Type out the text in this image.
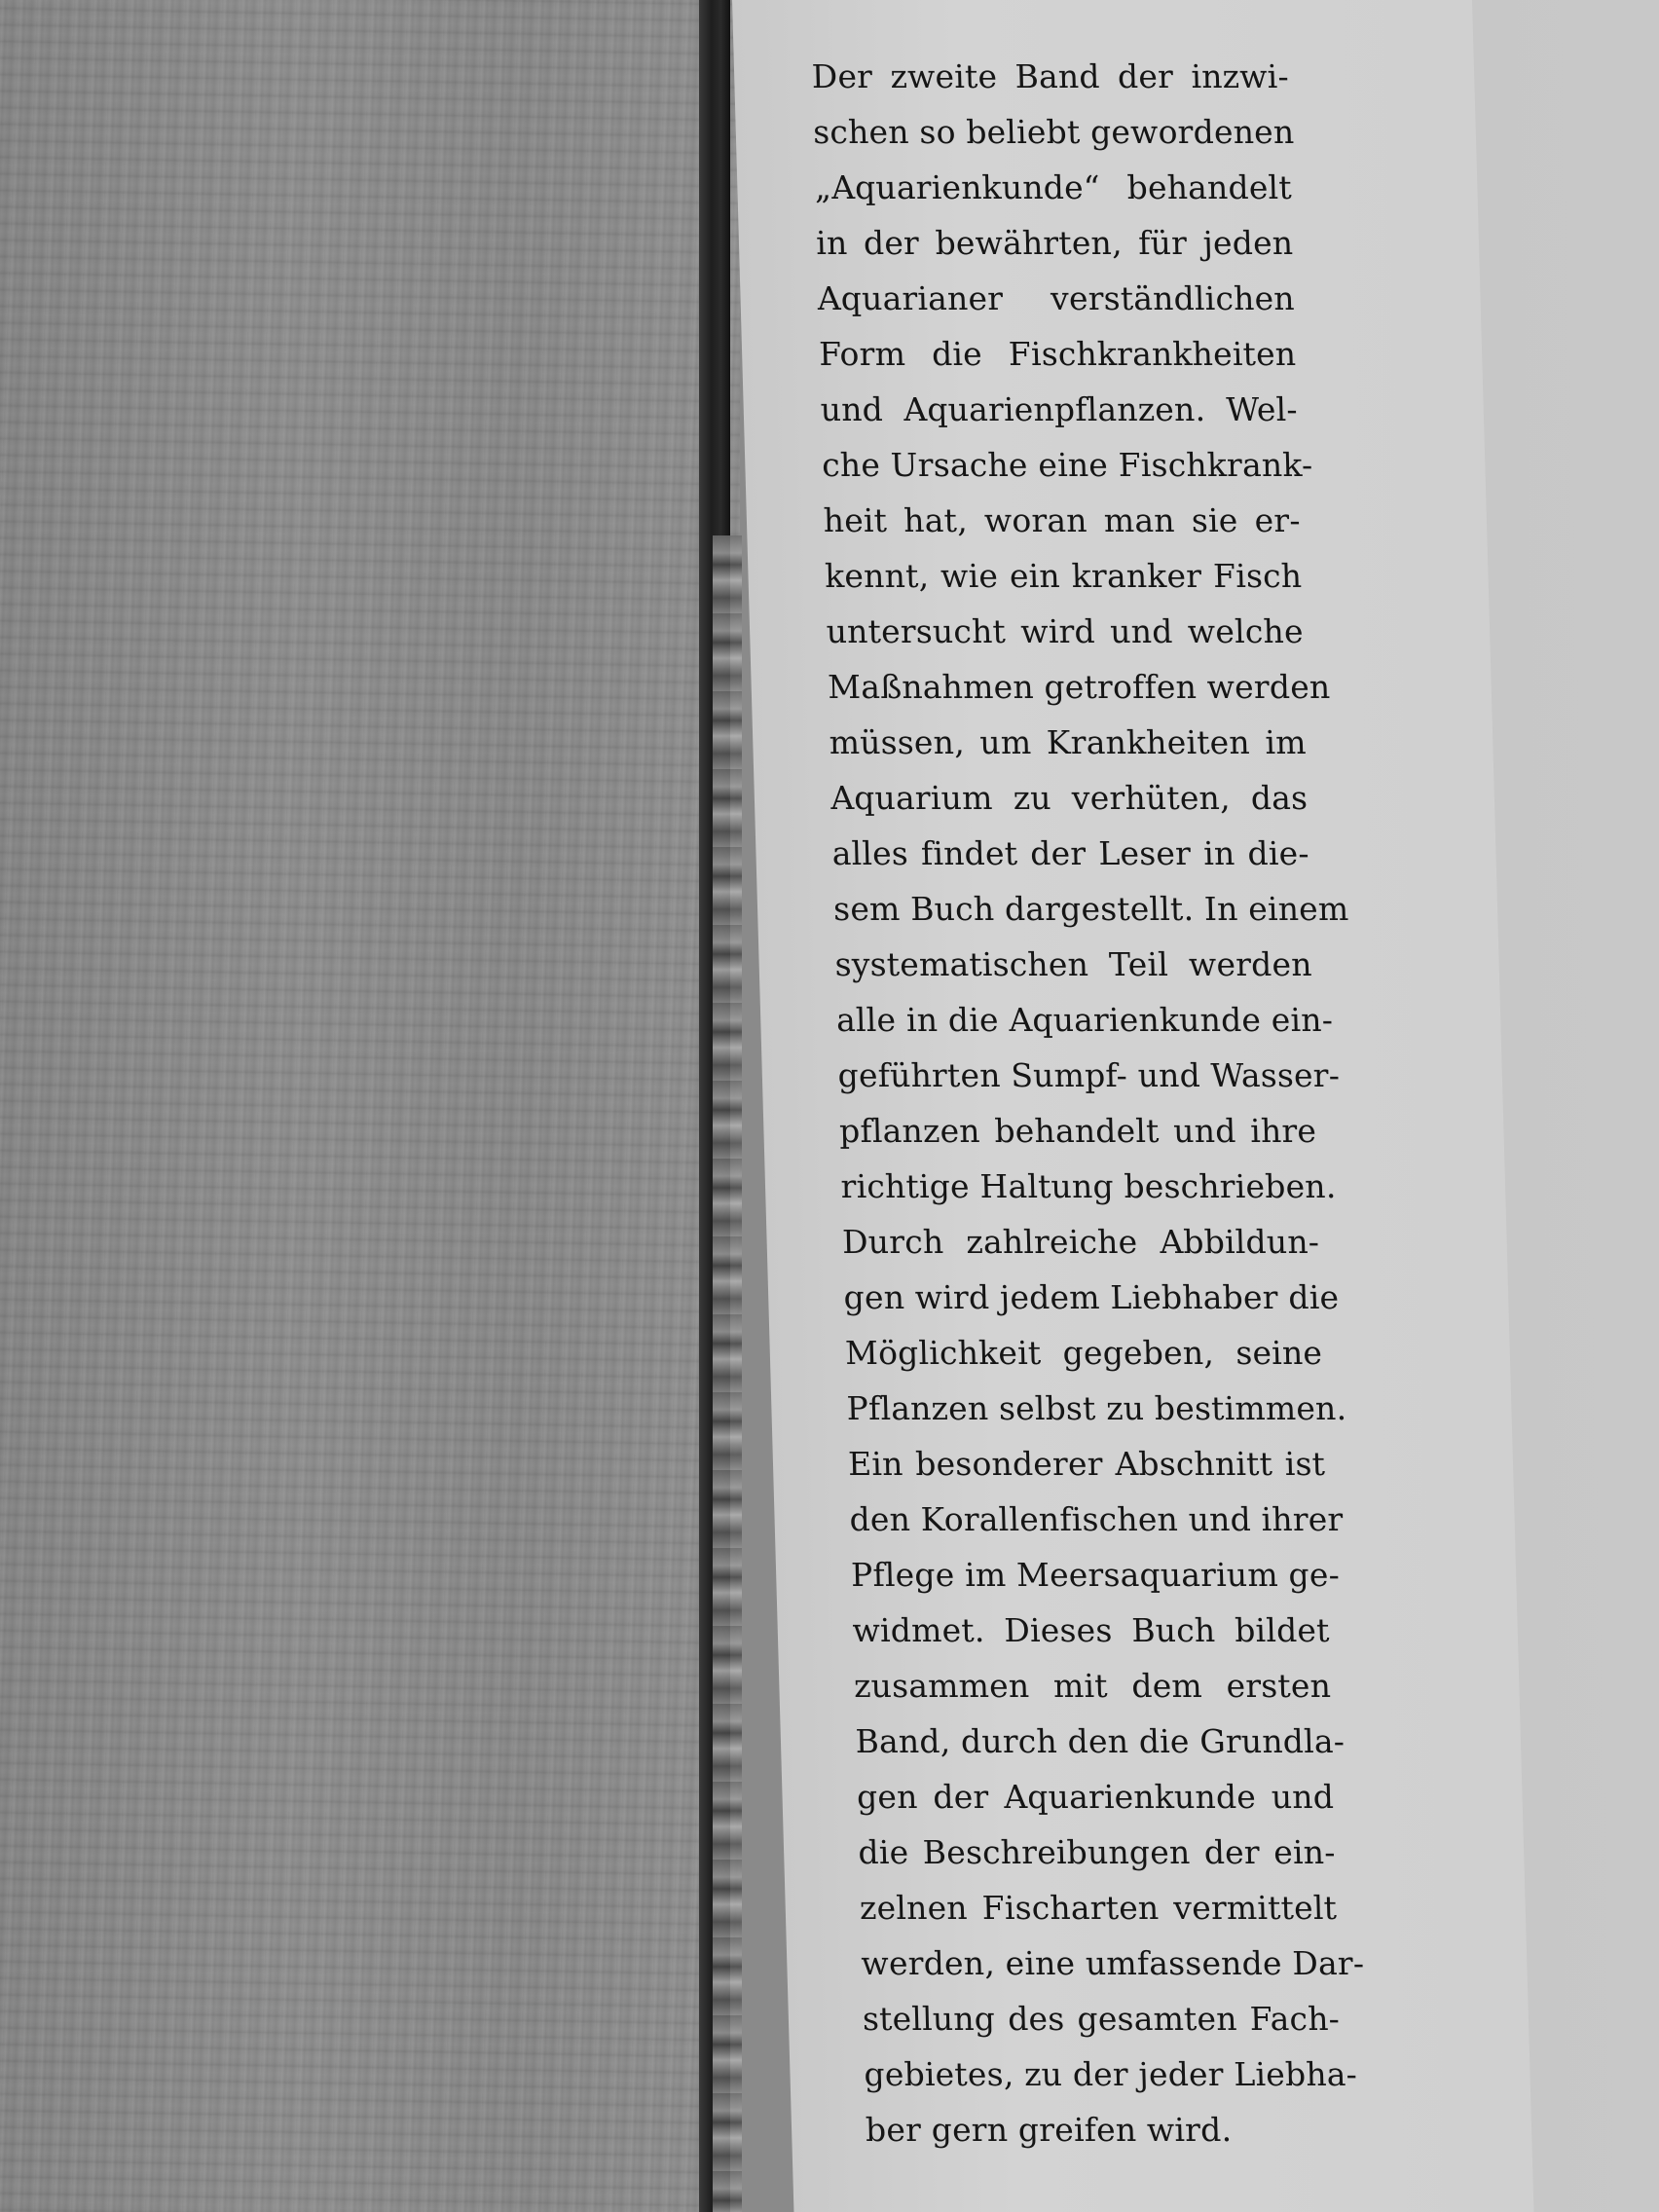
Der zweite Band der inzwi-
schen so beliebt gewordenen
„Aquarienkunde“ behandelt
in der bewährten, für jeden
Aquarianer verständlichen
Form die Fischkrankheiten
und Aquarienpflanzen. Wel-
che Ursache eine Fischkrank-
heit hat, woran man sie er-
kennt, wie ein kranker Fisch
untersucht wird und welche
Maßnahmen getroffen werden
müssen, um Krankheiten im
Aquarium zu verhüten, das
alles findet der Leser in die-
sem Buch dargestellt. In einem
systematischen Teil werden
alle in die Aquarienkunde ein-
geführten Sumpf- und Wasser-
pflanzen behandelt und ihre
richtige Haltung beschrieben.
Durch zahlreiche Abbildun-
gen wird jedem Liebhaber die
Möglichkeit gegeben, seine
Pflanzen selbst zu bestimmen.
Ein besonderer Abschnitt ist
den Korallenfischen und ihrer
Pflege im Meersaquarium ge-
widmet. Dieses Buch bildet
zusammen mit dem ersten
Band, durch den die Grundla-
gen der Aquarienkunde und
die Beschreibungen der ein-
zelnen Fischarten vermittelt
werden, eine umfassende Dar-
stellung des gesamten Fach-
gebietes, zu der jeder Liebha-
ber gern greifen wird.
